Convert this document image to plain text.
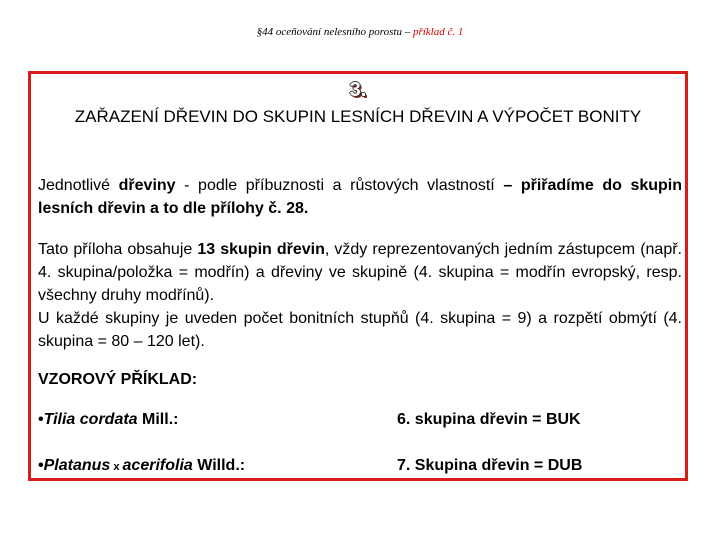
§44 oceňování nelesního porostu – příklad č. 1
3.
ZAŘAZENÍ DŘEVIN DO SKUPIN LESNÍCH DŘEVIN A VÝPOČET BONITY
Jednotlivé dřeviny - podle příbuznosti a růstových vlastností – přiřadíme do skupin lesních dřevin a to dle přílohy č. 28.
Tato příloha obsahuje 13 skupin dřevin, vždy reprezentovaných jedním zástupcem (např. 4. skupina/položka = modřín) a dřeviny ve skupině (4. skupina = modřín evropský, resp. všechny druhy modřínů).
U každé skupiny je uveden počet bonitních stupňů (4. skupina = 9) a rozpětí obmýtí (4. skupina = 80 – 120 let).
VZOROVÝ PŘÍKLAD:
•Tilia cordata Mill.:	6. skupina dřevin = BUK
•Platanus x acerifolia Willd.:	7. Skupina dřevin = DUB
